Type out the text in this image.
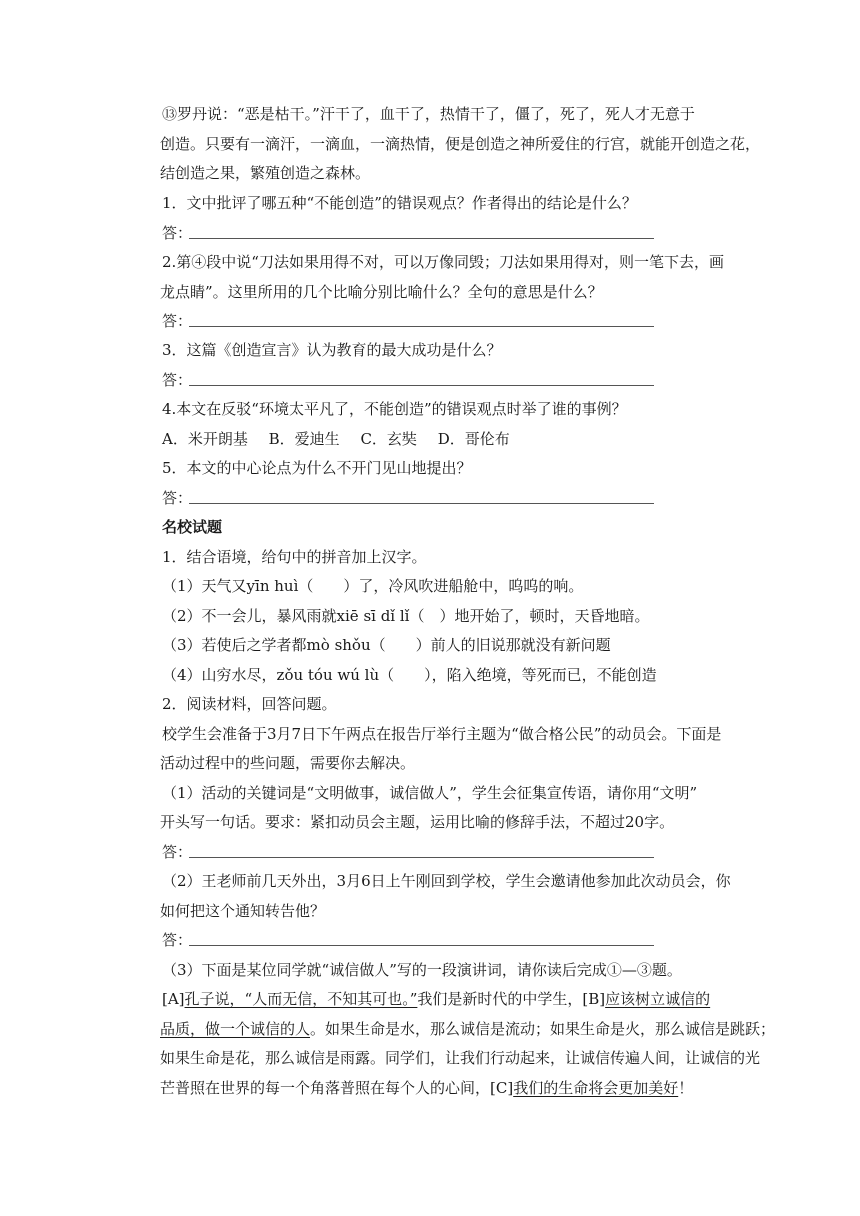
⑬罗丹说：“恶是枯干。”汗干了，血干了，热情干了，僵了，死了，死人才无意于
创造。只要有一滴汗，一滴血，一滴热情，便是创造之神所爱住的行宫，就能开创造之花，
结创造之果，繁殖创造之森林。
1．文中批评了哪五种“不能创造”的错误观点？作者得出的结论是什么？
答：
2.第④段中说“刀法如果用得不对，可以万像同毁；刀法如果用得对，则一笔下去，画
龙点睛”。这里所用的几个比喻分别比喻什么？全句的意思是什么？
答：
3．这篇《创造宣言》认为教育的最大成功是什么？
答：
4.本文在反驳“环境太平凡了，不能创造”的错误观点时举了谁的事例？
A．米开朗基 B．爱迪生 C．玄奘 D．哥伦布
5．本文的中心论点为什么不开门见山地提出？
答：
名校试题
1．结合语境，给句中的拼音加上汉字。
（1）天气又yīn huì（　　）了，冷风吹进船舱中，呜呜的响。
（2）不一会儿，暴风雨就xiē sī dǐ lǐ（　）地开始了，顿时，天昏地暗。
（3）若使后之学者都mò shǒu（　　）前人的旧说那就没有新问题
（4）山穷水尽，zǒu tóu wú lù（　　），陷入绝境，等死而已，不能创造
2．阅读材料，回答问题。
校学生会准备于3月7日下午两点在报告厅举行主题为“做合格公民”的动员会。下面是
活动过程中的些问题，需要你去解决。
（1）活动的关键词是“文明做事，诚信做人”，学生会征集宣传语，请你用“文明”
开头写一句话。要求：紧扣动员会主题，运用比喻的修辞手法，不超过20字。
答：
（2）王老师前几天外出，3月6日上午刚回到学校，学生会邀请他参加此次动员会，你
如何把这个通知转告他？
答：
（3）下面是某位同学就“诚信做人”写的一段演讲词，请你读后完成①—③题。
[A]孔子说，“人而无信，不知其可也。”我们是新时代的中学生，[B]应该树立诚信的
品质，做一个诚信的人。如果生命是水，那么诚信是流动；如果生命是火，那么诚信是跳跃；
如果生命是花，那么诚信是雨露。同学们，让我们行动起来，让诚信传遍人间，让诚信的光
芒普照在世界的每一个角落普照在每个人的心间，[C]我们的生命将会更加美好！
